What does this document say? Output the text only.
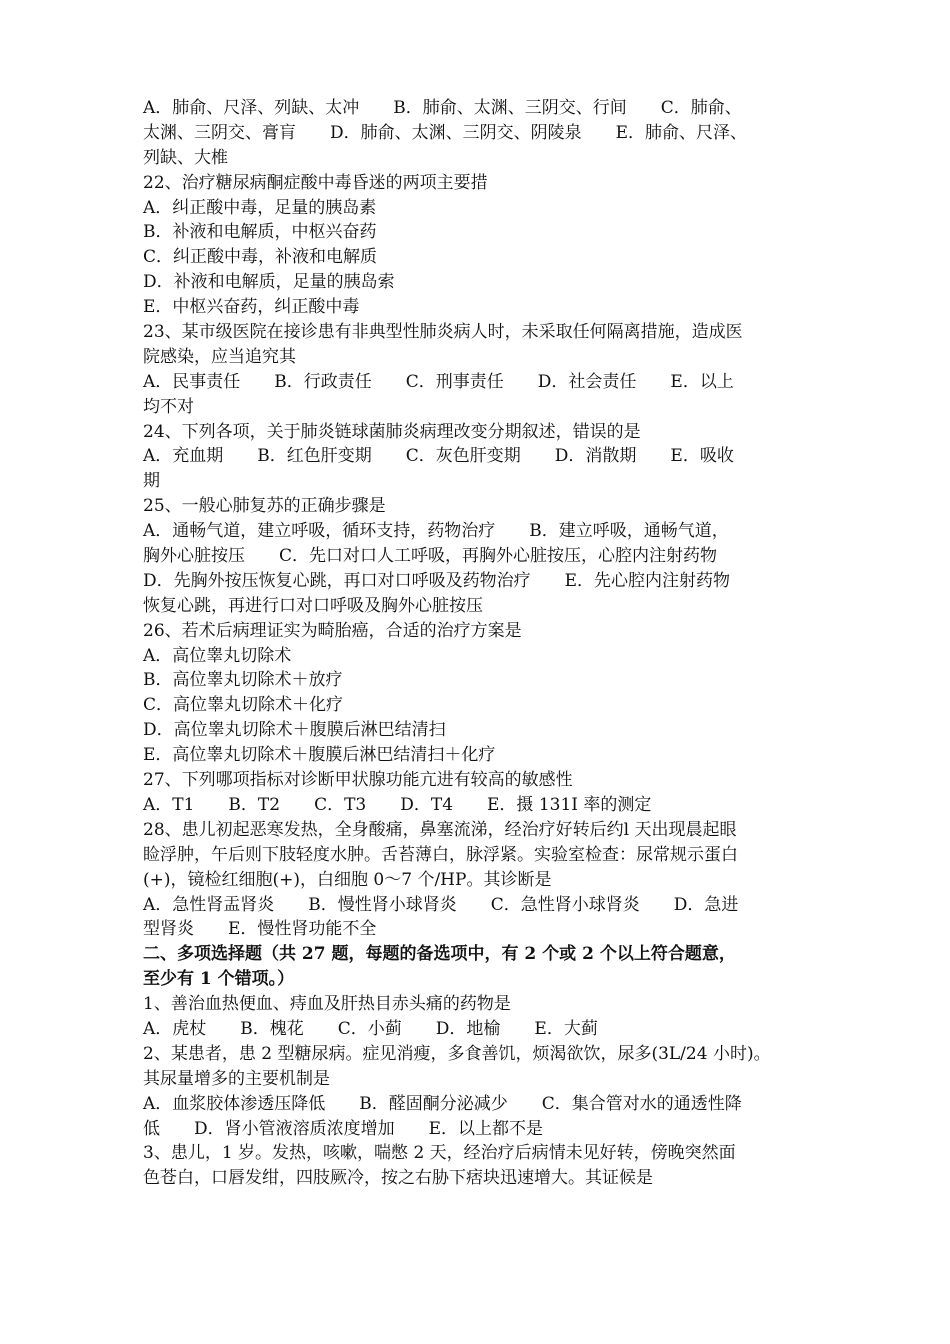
A．肺俞、尺泽、列缺、太冲　　B．肺俞、太渊、三阴交、行间　　C．肺俞、
太渊、三阴交、膏肓　　D．肺俞、太渊、三阴交、阴陵泉　　E．肺俞、尺泽、
列缺、大椎
22、治疗糖尿病酮症酸中毒昏迷的两项主要措
A．纠正酸中毒，足量的胰岛素
B．补液和电解质，中枢兴奋药
C．纠正酸中毒，补液和电解质
D．补液和电解质，足量的胰岛索
E．中枢兴奋药，纠正酸中毒
23、某市级医院在接诊患有非典型性肺炎病人时，未采取任何隔离措施，造成医
院感染，应当追究其
A．民事责任　　B．行政责任　　C．刑事责任　　D．社会责任　　E．以上
均不对
24、下列各项，关于肺炎链球菌肺炎病理改变分期叙述，错误的是
A．充血期　　B．红色肝变期　　C．灰色肝变期　　D．消散期　　E．吸收
期
25、一般心肺复苏的正确步骤是
A．通畅气道，建立呼吸，循环支持，药物治疗　　B．建立呼吸，通畅气道，
胸外心脏按压　　C．先口对口人工呼吸，再胸外心脏按压，心腔内注射药物
D．先胸外按压恢复心跳，再口对口呼吸及药物治疗　　E．先心腔内注射药物
恢复心跳，再进行口对口呼吸及胸外心脏按压
26、若术后病理证实为畸胎癌，合适的治疗方案是
A．高位睾丸切除术
B．高位睾丸切除术＋放疗
C．高位睾丸切除术＋化疗
D．高位睾丸切除术＋腹膜后淋巴结清扫
E．高位睾丸切除术＋腹膜后淋巴结清扫＋化疗
27、下列哪项指标对诊断甲状腺功能亢进有较高的敏感性
A．T1　　B．T2　　C．T3　　D．T4　　E．摄 131I 率的测定
28、患儿初起恶寒发热，全身酸痛，鼻塞流涕，经治疗好转后约l 天出现晨起眼
睑浮肿，午后则下肢轻度水肿。舌苔薄白，脉浮紧。实验室检查：尿常规示蛋白
(+)，镜检红细胞(+)，白细胞 0～7 个/HP。其诊断是
A．急性肾盂肾炎　　B．慢性肾小球肾炎　　C．急性肾小球肾炎　　D．急进
型肾炎　　E．慢性肾功能不全
二、多项选择题（共 27 题，每题的备选项中，有 2 个或 2 个以上符合题意，
至少有 1 个错项。）
1、善治血热便血、痔血及肝热目赤头痛的药物是
A．虎杖　　B．槐花　　C．小蓟　　D．地榆　　E．大蓟
2、某患者，患 2 型糖尿病。症见消瘦，多食善饥，烦渴欲饮，尿多(3L/24 小时)。
其尿量增多的主要机制是
A．血浆胶体渗透压降低　　B．醛固酮分泌减少　　C．集合管对水的通透性降
低　　D．肾小管液溶质浓度增加　　E．以上都不是
3、患儿，1 岁。发热，咳嗽，喘憋 2 天，经治疗后病情未见好转，傍晚突然面
色苍白，口唇发绀，四肢厥冷，按之右胁下痞块迅速增大。其证候是
